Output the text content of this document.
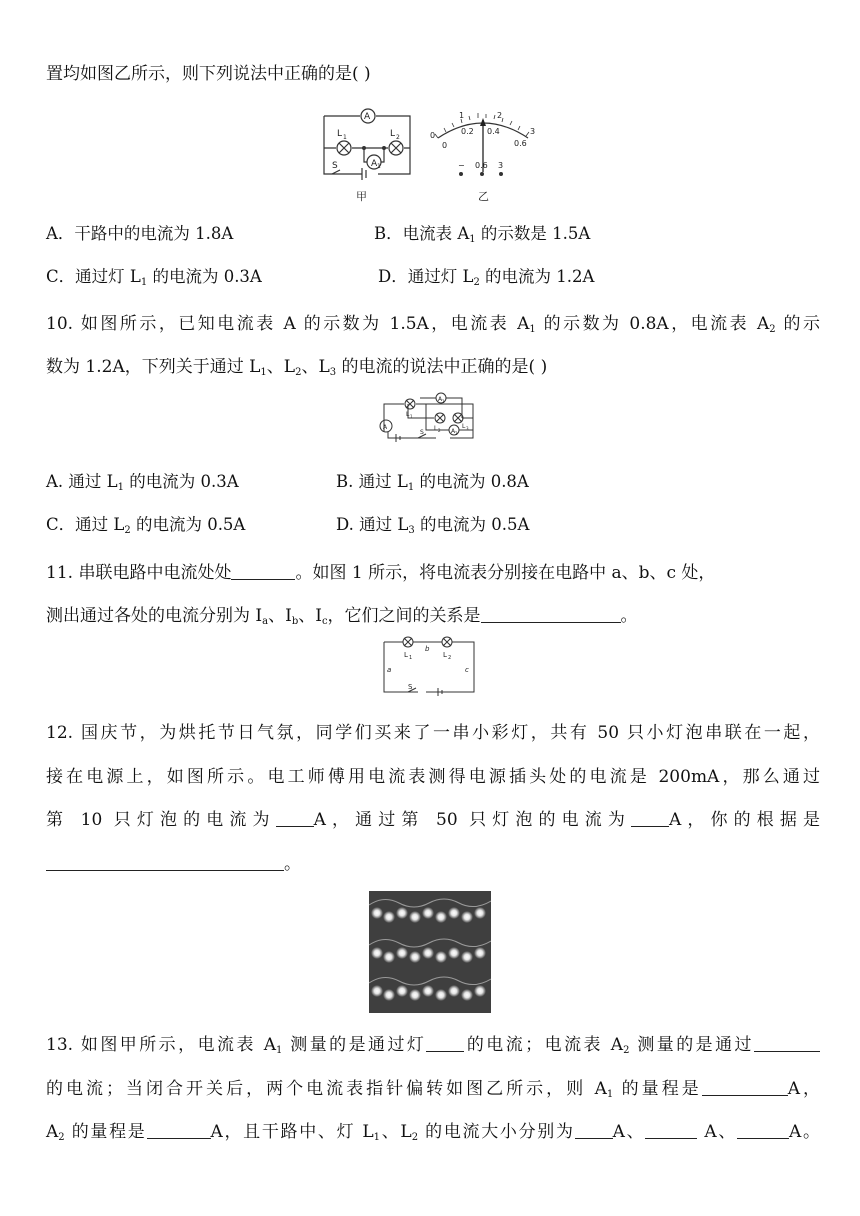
置均如图乙所示，则下列说法中正确的是( )
A
L 1	L 2
S	A 1
甲
0
1	2
3
0
0.2 0.4
0.6
− 0.6 3
乙
A．干路中的电流为 1.8A	B．电流表 $A_1$ 的示数是 1.5A
C．通过灯 $L_1$ 的电流为 0.3A	D．通过灯 $L_2$ 的电流为 1.2A
10. 如图所示，已知电流表 A 的示数为 1.5A，电流表 $A_1$ 的示数为 0.8A，电流表 $A_2$ 的示
数为 1.2A，下列关于通过 $L_1$、$L_2$、$L_3$ 的电流的说法中正确的是( )
A
A 1
A 2
L 1
L 2
L 3
S
A. 通过 $L_1$ 的电流为 0.3A	B. 通过 $L_1$ 的电流为 0.8A
C．通过 $L_2$ 的电流为 0.5A	D. 通过 $L_3$ 的电流为 0.5A
11. 串联电路中电流处处	。如图 1 所示，将电流表分别接在电路中 a、b、c 处，
测出通过各处的电流分别为 $I_a$、$I_b$、$I_c$，它们之间的关系是	。
L 1
b
L 2
a	c
S
12. 国庆节，为烘托节日气氛，同学们买来了一串小彩灯，共有 50 只小灯泡串联在一起，
接在电源上，如图所示。电工师傅用电流表测得电源插头处的电流是 200mA，那么通过
第 10 只灯泡的电流为 A，通过第 50 只灯泡的电流为 A，你的根据是
。
13. 如图甲所示，电流表 $A_1$ 测量的是通过灯 的电流；电流表 $A_2$ 测量的是通过
的电流；当闭合开关后，两个电流表指针偏转如图乙所示，则 $A_1$ 的量程是	A，
$A_2$ 的量程是	A，且干路中、灯 $L_1$、$L_2$ 的电流大小分别为 A、	A、	A。
